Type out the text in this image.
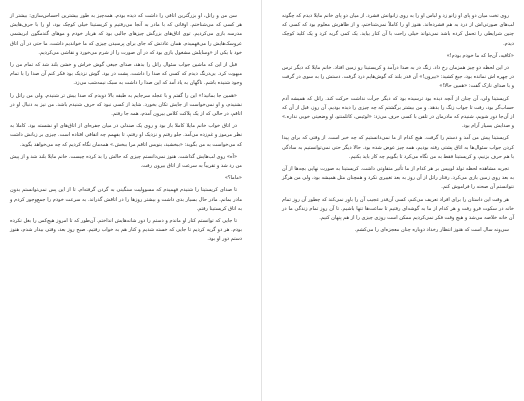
سن من و راتل، او بزرگترین اتاقی را داشت که دیده بودم. همه‌چیز به طور بیشترین احساس‌سازی: بیشتر از هر کسی که می‌شناختم. اوقاتی که با مادر به آنجا می‌رفتیم و کریستینا خیلی کوچک بود، او را با حرف‌هایش مدرسه بازی می‌کردیم. توی اتاق‌های بزرگش چیزهای جالبی بود که هر‌بار خودم و موهای گندمگون ابریشمی عروسک‌هایش را می‌فهمیدم. همان عادتش که جای برای پرسیدن چیزی که ما خواندیم داشت، ما حتی در آن اتاق خود با یکی از «وسایلش مشغول بازی بود که در آن صورت را از شرم می‌خورد و نقاشی می‌کردیم.

قبل از این که ماشین جواب سئوال راتل را بدهد، صدای جیغی گوش خراش و خشن بلند شد که تمام من را مبهوت کرد. بی‌درنگ دیدم که کسی که صدا را داشت، پشت در بود. گوش نزدیک بود فکر کنم آن صدا را با تمام وجود شنیده باشم. ناگهان به یاد آمد که این صدا را داشت به سبک نیمه‌شب می‌زد.

«همین جا بمانید!» این را گفتم و با عجله سرجایم به طبقه بالا دویدم که صدا بیش تر شنیدم. ولی من راتل را نشنیدم، و او نمی‌خواست از جایش تکان بخورد. شاید از کسی نبود که حرف شنیدم باشد. من نیز به دنبال او در اتاقم، در حالی که از یک پلاکت کلاس بیرون آمدم، همه جا رفتم.

در اتاق خواب خانم مایلا کاملا باز بود و روی یک صندلی در میان جفره‌ای از اتاق‌های او نشسته بود. کاملا به نظر مرموز و غم‌زده می‌آمد. جلو رفتم و نزدیک او رفتم، تا بفهمم چه اتفاقی افتاده است. چیزی بر زبانش داشت که می‌خواست به من بگوید: «ببخشید، بنویس اتاقم مرا ببخش.» همه‌مان نگاه کردیم که چه می‌خواهد بگوید.

«آه» روی لب‌هایش گذاشت. هنوز نمی‌دانستم چیزی که حالش را بد کرده چیست. خانم مایلا بلند شد و از پیش من رد شد و تقریباً به سرعت از اتاق بیرون رفت.

«ماما؟»

تا صدای کریستینا را شنیدم فهمیدم که مسوولیت سنگینی به گردن گرفته‌ام. تا از این پس نمی‌توانستم بدون مادر بمانم. مادر حال بسیار بدی داشت و بیشتر روزها را در اتاقش گذراند. به سرعت خودم را جمع‌وجور کردم و به اتاق کریستینا رفتم.

تا جایی که توانستم کنار او ماندم و دستم را دور شانه‌هایش انداختم. آن‌طور که تا امروز هیچ‌کس را بغل نکرده بودم. هر دو گریه کردیم تا جایی که خسته شدیم و کنار هم به خواب رفتیم. صبح روز بعد، وقتی بیدار شدم، هنوز دستم دور او بود.

روی تخت میان دو پای او زانو زد و لباس او را به روی زانوانش فشرد. از میان دو پای خانم مایلا دیدم که چگونه لب‌های صورتی‌اش از درد به هم فشرده‌اند. هنوز او را کاملاً نمی‌شناختم، و از ظاهرش معلوم بود که کسی که چنین شرایطی را تحمل کرده باشد نمی‌تواند خیلی راحت با آن کنار بیاید. یک کمی گریه کرد و یک کلید کوچک دیدم.

«کافیه، آن‌جا که ما خودم بودم!»

در این لحظه دو چیز همزمان رخ داد. زنگ در به صدا درآمد و کریستینا رو زمین افتاد. خانم مایلا که دیگر ترس در چهره اش نمانده بود، جیغ کشید: «بیرون!» آن قدر بلند که گوش‌هایم درد گرفت. دستش را به سوی در گرفت و با صدای نازک گفت: «همین حالا!»

کریستینا ولی، آن چنان از آنچه دیده بود ترسیده بود که دیگر جرأت نداشت حرکت کند. راتل که همیشه آدم حساب‌گر بود، رفت تا جواب زنگ را بدهد. و من بیشتر برگشتم که چه چیزی را دیده بودیم. آن روز، قبل از آن که از آن‌جا دور شویم، شنیدم که مادرمان در تلفن با کسی حرف می‌زد: «لوئیس، کاتلمنتو، او وضعیتی خوبی نداره.» و صدایش بسیار آرام بود.

کریستینا پیش من آمد و دستم را گرفت. هیچ کدام از ما نمی‌دانستیم که چه خبر است. از وقتی که برای پیدا کردن جواب سئوال‌ها به اتاق پشتی رفته بودیم، همه چیز عوض شده بود. حالا دیگر حتی نمی‌توانستیم به سادگی با هم حرف بزنیم، و کریستینا فقط به من نگاه می‌کرد تا بگویم چه کار باید بکنیم.

تجربه مشاهده لحظه تولد لوییس بر هر کدام از ما تأثیر متفاوتی داشت. کریستینا به صورت نهایی بچه‌ها از آن به بعد روی زمین بازی می‌کرد. رفتار راتل از آن روز به بعد تغییری نکرد و همچنان مثل همیشه بود، ولی من هرگز نتوانستم آن صحنه را فراموش کنم.

هر وقت این داستان را برای افراد تعریف می‌کنم، کسی آن‌قدر عجیب آن را باور نمی‌کند که چطور آن روز تمام خانه در سکوت فرو رفت و هر کدام از ما به گوشه‌ای رفتیم تا ساعت‌ها تنها باشیم. تا آن روز تمام زندگی ما در آن خانه خلاصه می‌شد و هیچ وقت فکر نمی‌کردیم ممکن است روزی چیزی را از هم پنهان کنیم.

سی‌ونه سال است که هنوز انتظار رخداد دوباره چنان معجزه‌ای را می‌کشم.
